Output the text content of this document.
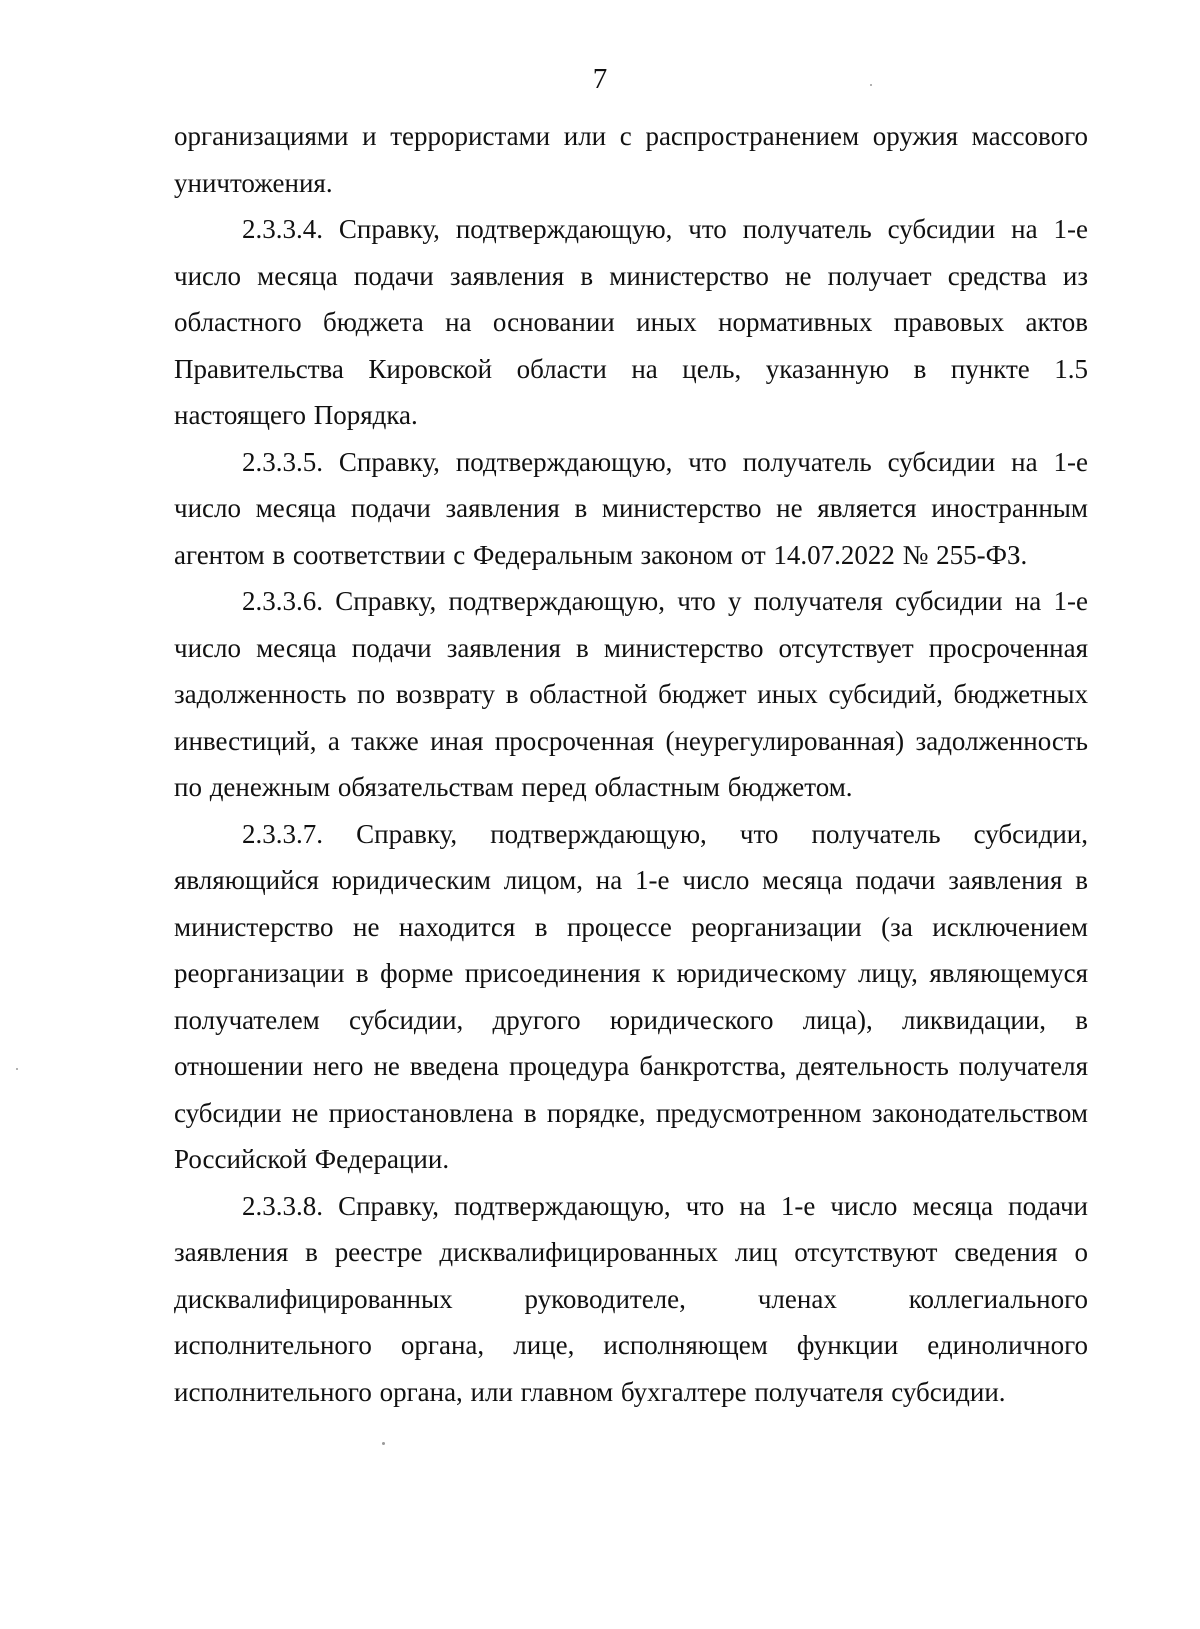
7

организациями и террористами или с распространением оружия массового уничтожения.

2.3.3.4. Справку, подтверждающую, что получатель субсидии на 1-е число месяца подачи заявления в министерство не получает средства из областного бюджета на основании иных нормативных правовых актов Правительства Кировской области на цель, указанную в пункте 1.5 настоящего Порядка.

2.3.3.5. Справку, подтверждающую, что получатель субсидии на 1-е число месяца подачи заявления в министерство не является иностранным агентом в соответствии с Федеральным законом от 14.07.2022 № 255-ФЗ.

2.3.3.6. Справку, подтверждающую, что у получателя субсидии на 1-е число месяца подачи заявления в министерство отсутствует просроченная задолженность по возврату в областной бюджет иных субсидий, бюджетных инвестиций, а также иная просроченная (неурегулированная) задолженность по денежным обязательствам перед областным бюджетом.

2.3.3.7. Справку, подтверждающую, что получатель субсидии, являющийся юридическим лицом, на 1-е число месяца подачи заявления в министерство не находится в процессе реорганизации (за исключением реорганизации в форме присоединения к юридическому лицу, являющемуся получателем субсидии, другого юридического лица), ликвидации, в отношении него не введена процедура банкротства, деятельность получателя субсидии не приостановлена в порядке, предусмотренном законодательством Российской Федерации.

2.3.3.8. Справку, подтверждающую, что на 1-е число месяца подачи заявления в реестре дисквалифицированных лиц отсутствуют сведения о дисквалифицированных руководителе, членах коллегиального исполнительного органа, лице, исполняющем функции единоличного исполнительного органа, или главном бухгалтере получателя субсидии.
